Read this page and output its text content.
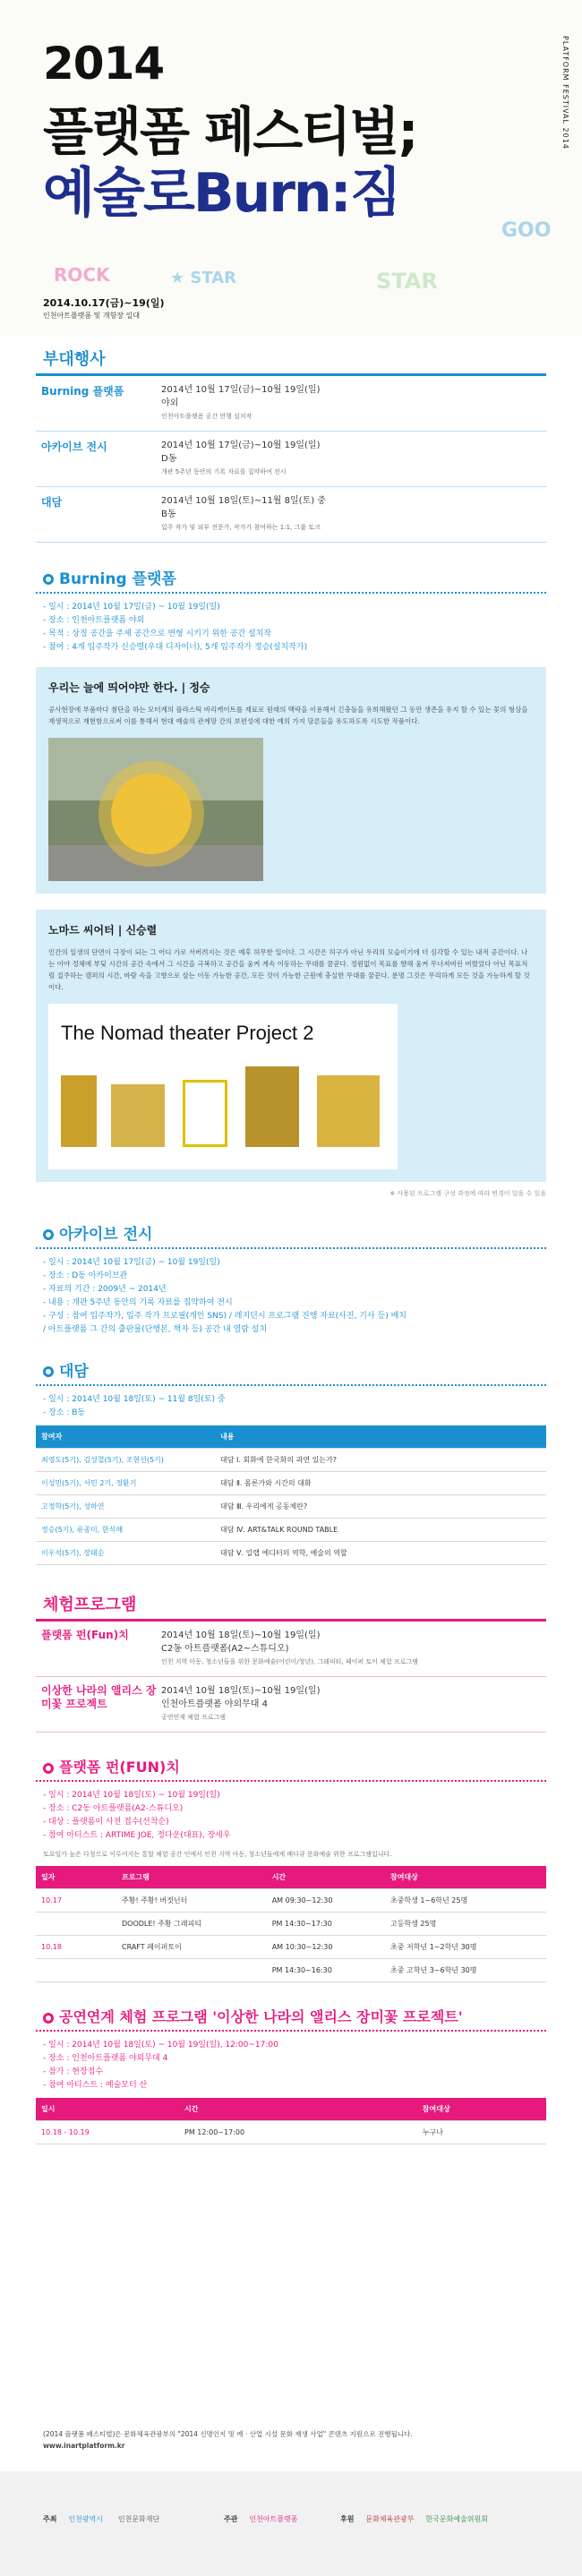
ROCK	★ STAR
GOO
STAR
2014
플랫폼 페스티벌;
예술로Burn:짐
PLATFORM FESTIVAL 2014
2014.10.17(금)~19(일)
인천아트플랫폼 및 개항장 일대
부대행사
Burning 플랫폼	2014년 10월 17일(금)~10월 19일(일)
야외
인천아트플랫폼 공간 연행 설치작
아카이브 전시	2014년 10월 17일(금)~10월 19일(일)
D동
개관 5주년 동안의 기록 자료를 집약하여 전시
대담	2014년 10월 18일(토)~11월 8일(토) 중
B동
입주 작가 및 외부 전문가, 작가가 참여하는 1:1, 그룹 토크
Burning 플랫폼
- 일시 : 2014년 10월 17일(금) ~ 10월 19일(일)
- 장소 : 인천아트플랫폼 야외
- 목적 : 상징 공간을 주제 공간으로 변형 시키기 위한 공간 설치작
- 참여 : 4개 입주작가 신승렬(우대 디자이너), 5개 입주작가 정승(설치작가)
우리는 늘에 띄어야만 한다. | 정승

공사현장에 부품마다 첨단을 하는 모터계의 플라스틱 바리케이트를 재료로 원래의 맥락을 이용해서 긴충돌을 유희해왔던 그 동안 생존을 유지 할 수 있는 꽃의 형상을 재생적으로 재현함으로써 이를 통해서 현대 예술의 관계망 간의 보편성에 대한 예의 가지 담론들을 유도하도록 시도한 작품이다.

노마드 씨어터 | 신승렬

인간의 일생의 단면이 극장이 되는 그 어디 가로 서버려지는 것은 예후 허무한 일이다. 그 시간은 허구가 아닌 우리의 모습이기에 더 심각할 수 있는 내적 공간이다. 나는 이야 정체에 부딪 시간의 공간 속에서 그 시간을 극복하고 공간을 움켜 계속 이동하는 무대를 꿈꾼다. 정원없이 목표를 향해 움켜 무너져버린 버렸었다 아닌 목표처럼 질주하는 캠퍼의 시간, 바람 속을 고향으로 삼는 이동 가능한 공간, 모든 것이 가능한 근원에 충실한 무대를 꿈꾼다. 분명 그것은 무리하게 모든 것을 가능하게 할 것이다.

The Nomad theater Project 2
※ 사용된 프로그램 구성 과정에 따라 변경이 있을 수 있음
아카이브 전시
- 일시 : 2014년 10월 17일(금) ~ 10월 19일(일)
- 장소 : D동 아카이브관
- 자료의 기간 : 2009년 ~ 2014년
- 내용 : 개관 5주년 동안의 기록 자료를 집약하여 전시
- 구성 : 참여 입주작가, 입주 작가 프로필(개인 SNS) / 레지던시 프로그램 진행 자료(사진, 기사 등) 배치
/ 아트플랫폼 그 간의 출판물(단행본, 책자 등) 공간 내 열람 설치
대담
- 일시 : 2014년 10월 18일(토) ~ 11월 8일(토) 중
- 장소 : B동
참여자	내용
최영도(5기), 김성철(5기), 조현선(5기)	대담 Ⅰ. 회화에 한국화의 과연 있는가?
이성민(5기), 서민 2기, 정환기	대담 Ⅱ. 몸론가와 시간의 대화
고정학(5기), 성하연	대담 Ⅲ. 우리에게 공동체란?
정승(5기), 류종미, 한석해	대담 Ⅳ. ART&TALK ROUND TABLE
이우석(5기), 장태순	대담 Ⅴ. 일랩 에디터의 역학, 예술의 역할
체험프로그램
플랫폼 펀(Fun)치	2014년 10월 18일(토)~10월 19일(일)
C2동 아트플랫폼(A2~스튜디오)
인천 지역 아동, 청소년들을 위한 문화예술(어린이/청년), 그래피티, 페이퍼 토이 체험 프로그램
이상한 나라의 앨리스 장미꽃 프로젝트
2014년 10월 18일(토)~10월 19일(일)
인천아트플랫폼 야외무대 4
공연연계 체험 프로그램
플랫폼 펀(FUN)치
- 일시 : 2014년 10월 18일(토) ~ 10월 19일(일)
- 장소 : C2동 아트플랫폼(A2-스튜디오)
- 대상 : 플랫폼이 사전 접수(선착순)
- 참여 아티스트 : ARTIME JOE, 정다운(대표), 장세우
토요일가 높은 다청으로 이루어지는 통합 체험 공간 인에서 인천 지역 아동, 청소년들에게 배다큐 문화예술 위한 프로그램입니다.
일자	프로그램	시간	참여대상
10.17	주황! 주황! 버젓닌터	AM 09:30~12:30	초중학생 1~6학년 25명
	DOODLE! 주황 그래피티	PM 14:30~17:30	고등학생 25명
10.18	CRAFT 페이퍼토이	AM 10:30~12:30	초중 저학년 1~2학년 30명
		PM 14:30~16:30	초중 고학년 3~6학년 30명
공연연계 체험 프로그램 '이상한 나라의 앨리스 장미꽃 프로젝트'
- 일시 : 2014년 10월 18일(토) ~ 10월 19일(일), 12:00~17:00
- 장소 : 인천아트플랫폼 야외무대 4
- 참가 : 현장접수
- 참여 아티스트 : 예술모터 산
일시	시간	참여대상
10.18 - 10.19	PM 12:00~17:00	누구나
(2014 플랫폼 페스티벌)은 문화체육관광부의 "2014 신명인지 및 예 · 산업 시설 문화 재생 사업" 콘텐츠 지원으로 진행됩니다.
www.inartplatform.kr
주최 인천광역시 인천문화재단	주관 인천아트플랫폼	후원 문화체육관광부 한국문화예술위원회
